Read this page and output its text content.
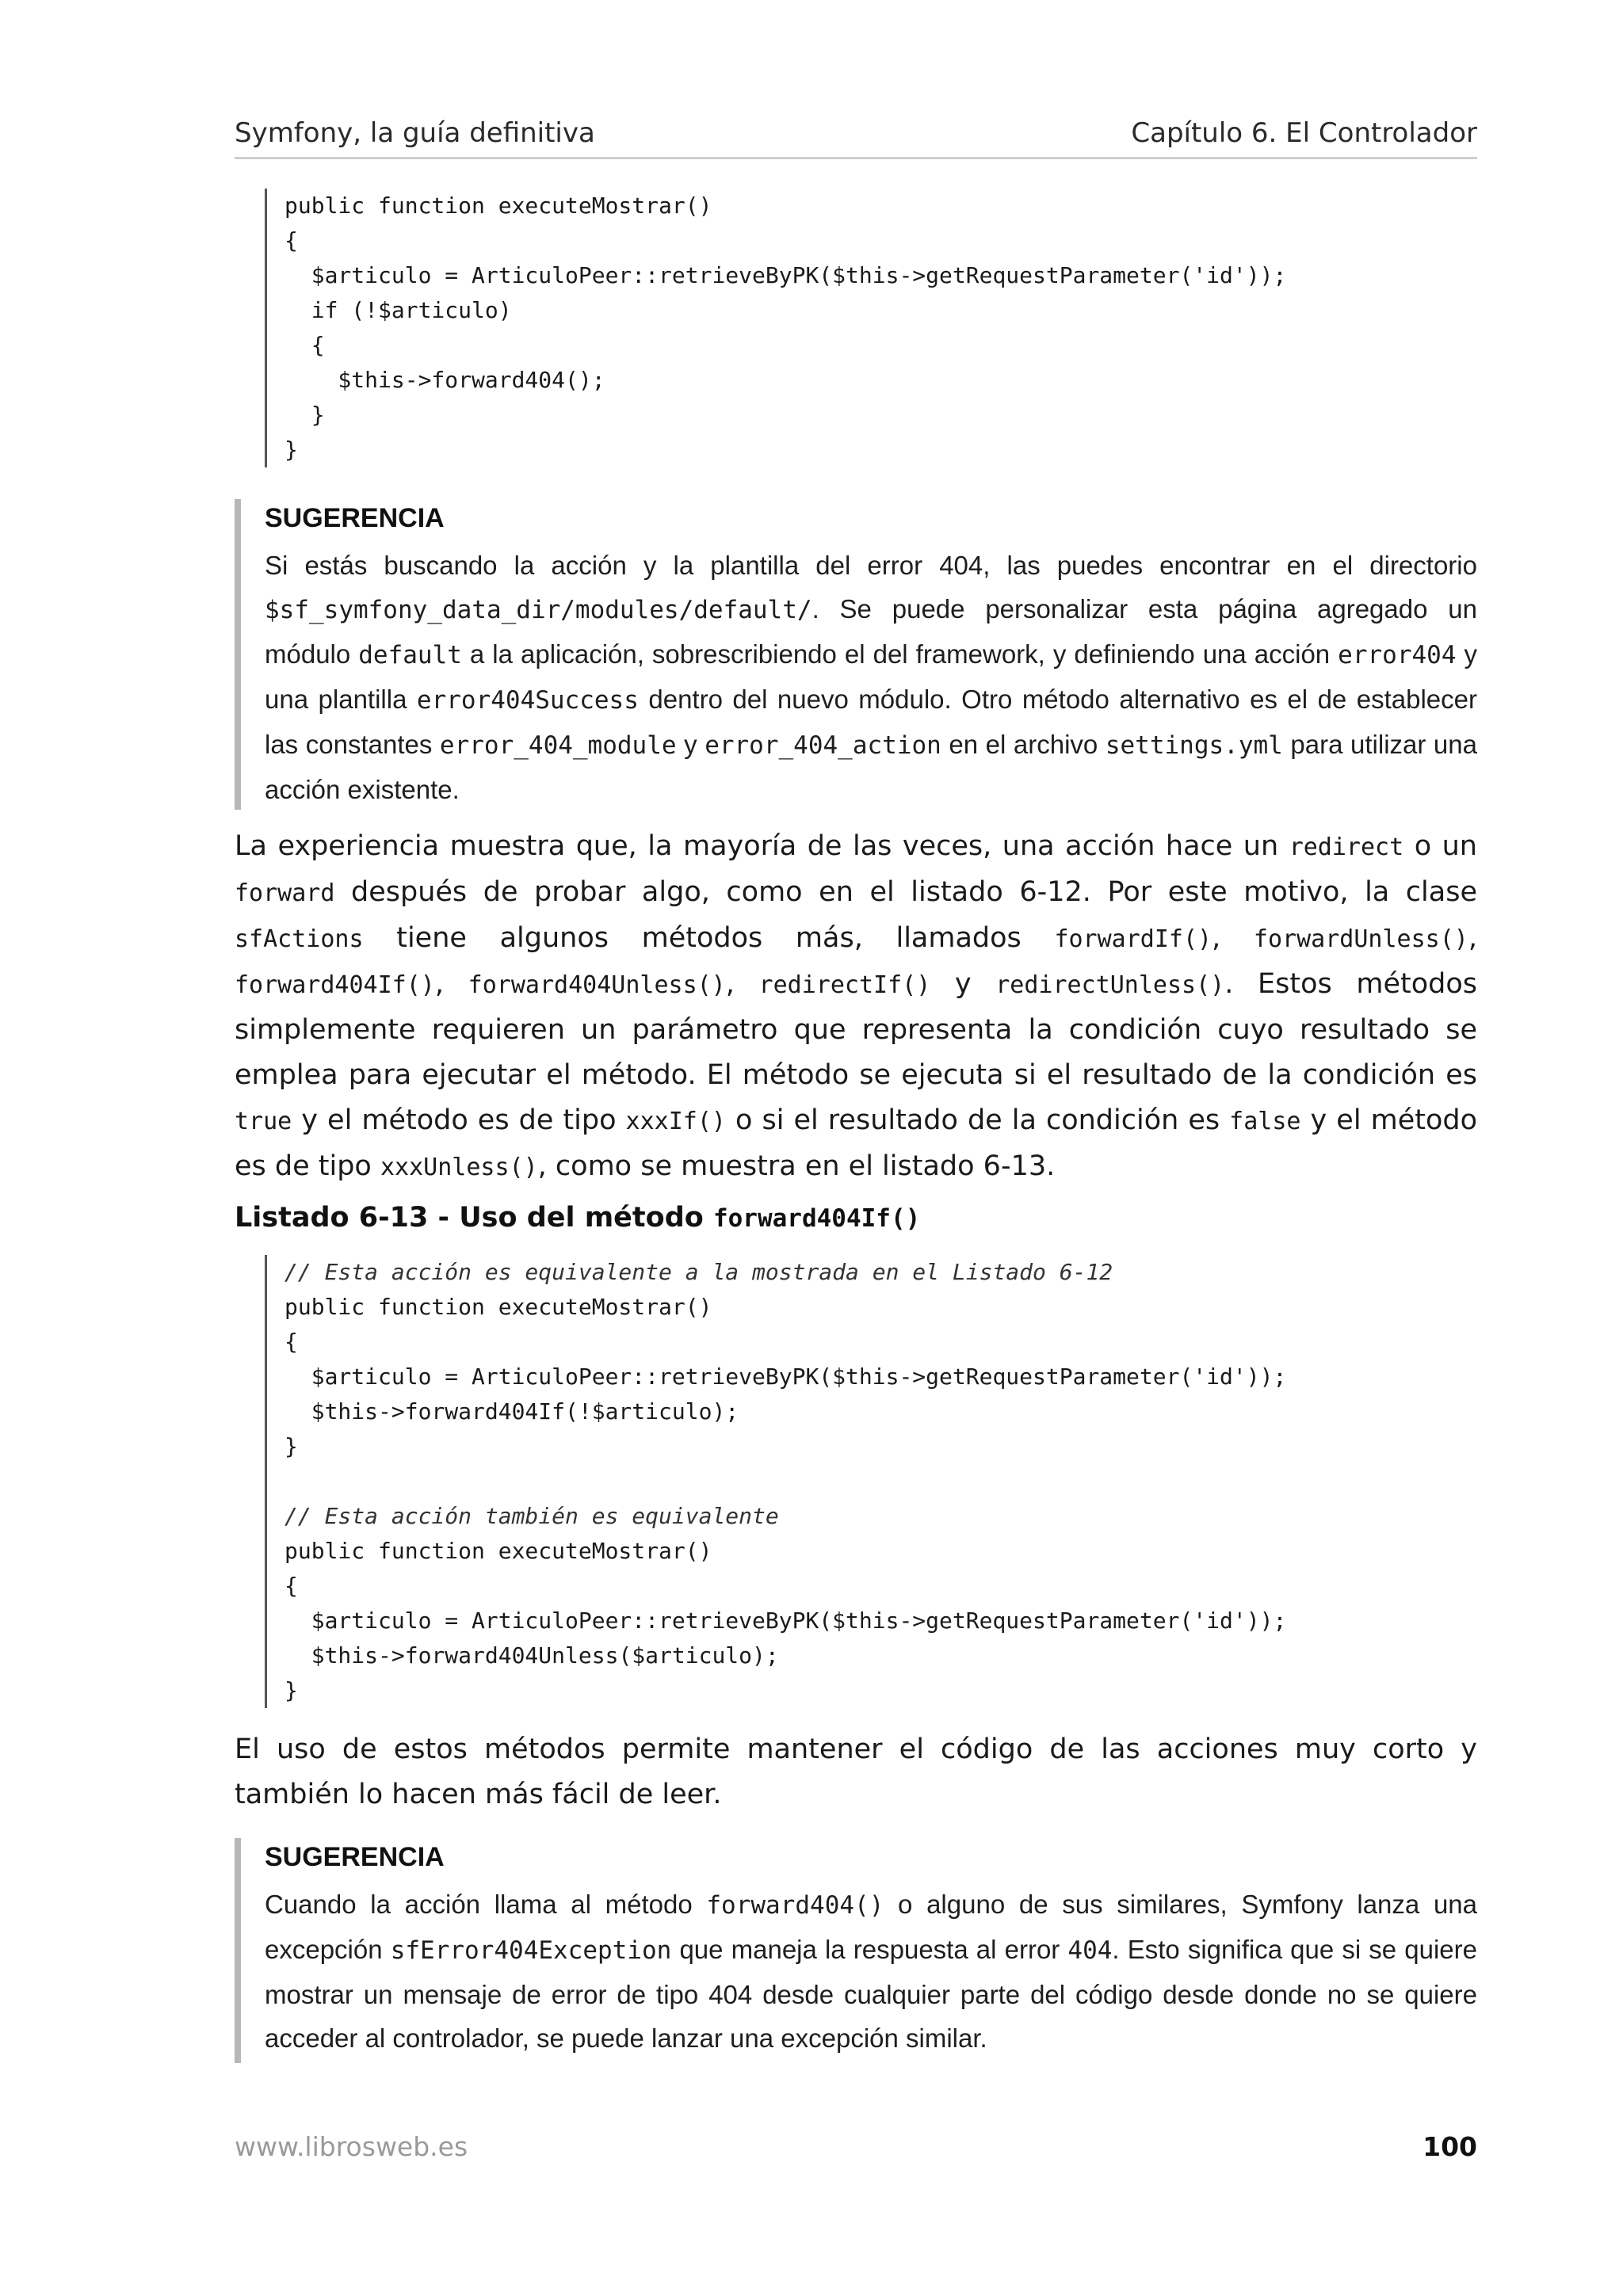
Symfony, la guía definitiva	Capítulo 6. El Controlador
public function executeMostrar()
{
$articulo = ArticuloPeer::retrieveByPK($this->getRequestParameter('id'));
if (!$articulo)
{
$this->forward404();
}
}
SUGERENCIA
Si estás buscando la acción y la plantilla del error 404, las puedes encontrar en el directorio $sf_symfony_data_dir/modules/default/. Se puede personalizar esta página agregado un módulo default a la aplicación, sobrescribiendo el del framework, y definiendo una acción error404 y una plantilla error404Success dentro del nuevo módulo. Otro método alternativo es el de establecer las constantes error_404_module y error_404_action en el archivo settings.yml para utilizar una acción existente.
La experiencia muestra que, la mayoría de las veces, una acción hace un redirect o un forward después de probar algo, como en el listado 6-12. Por este motivo, la clase sfActions tiene algunos métodos más, llamados forwardIf(), forwardUnless(), forward404If(), forward404Unless(), redirectIf() y redirectUnless(). Estos métodos simplemente requieren un parámetro que representa la condición cuyo resultado se emplea para ejecutar el método. El método se ejecuta si el resultado de la condición es true y el método es de tipo xxxIf() o si el resultado de la condición es false y el método es de tipo xxxUnless(), como se muestra en el listado 6-13.
Listado 6-13 - Uso del método forward404If()
// Esta acción es equivalente a la mostrada en el Listado 6-12
public function executeMostrar()
{
$articulo = ArticuloPeer::retrieveByPK($this->getRequestParameter('id'));
$this->forward404If(!$articulo);
}
// Esta acción también es equivalente
public function executeMostrar()
{
$articulo = ArticuloPeer::retrieveByPK($this->getRequestParameter('id'));
$this->forward404Unless($articulo);
}
El uso de estos métodos permite mantener el código de las acciones muy corto y también lo hacen más fácil de leer.
SUGERENCIA
Cuando la acción llama al método forward404() o alguno de sus similares, Symfony lanza una excepción sfError404Exception que maneja la respuesta al error 404. Esto significa que si se quiere mostrar un mensaje de error de tipo 404 desde cualquier parte del código desde donde no se quiere acceder al controlador, se puede lanzar una excepción similar.
www.librosweb.es	100
